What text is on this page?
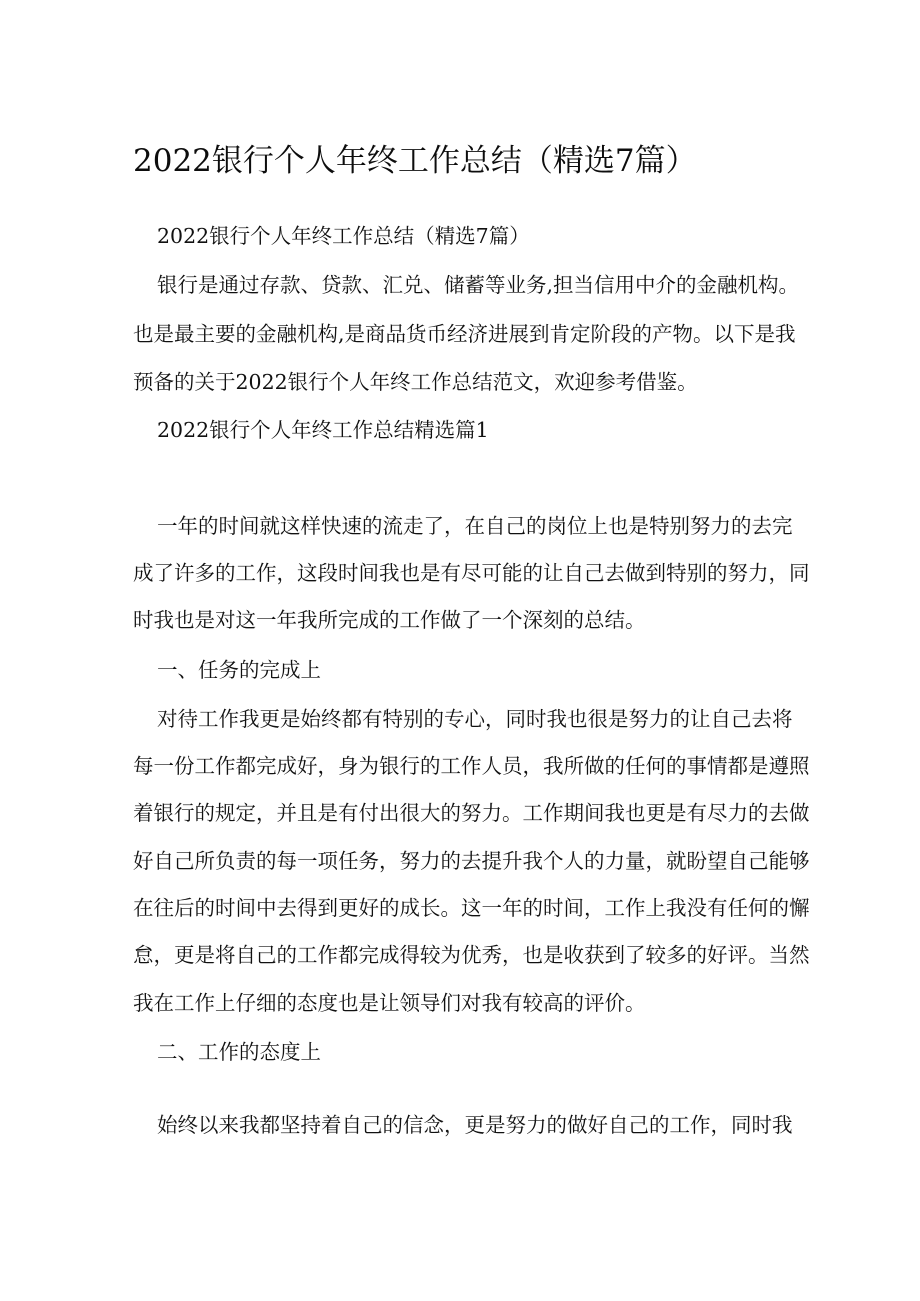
2022银行个人年终工作总结（精选7篇）
2022银行个人年终工作总结（精选7篇）
银行是通过存款、贷款、汇兑、储蓄等业务,担当信用中介的金融机构。
也是最主要的金融机构,是商品货币经济进展到肯定阶段的产物。以下是我
预备的关于2022银行个人年终工作总结范文，欢迎参考借鉴。
2022银行个人年终工作总结精选篇1
一年的时间就这样快速的流走了，在自己的岗位上也是特别努力的去完
成了许多的工作，这段时间我也是有尽可能的让自己去做到特别的努力，同
时我也是对这一年我所完成的工作做了一个深刻的总结。
一、任务的完成上
对待工作我更是始终都有特别的专心，同时我也很是努力的让自己去将
每一份工作都完成好，身为银行的工作人员，我所做的任何的事情都是遵照
着银行的规定，并且是有付出很大的努力。工作期间我也更是有尽力的去做
好自己所负责的每一项任务，努力的去提升我个人的力量，就盼望自己能够
在往后的时间中去得到更好的成长。这一年的时间，工作上我没有任何的懈
怠，更是将自己的工作都完成得较为优秀，也是收获到了较多的好评。当然
我在工作上仔细的态度也是让领导们对我有较高的评价。
二、工作的态度上
始终以来我都坚持着自己的信念，更是努力的做好自己的工作，同时我
